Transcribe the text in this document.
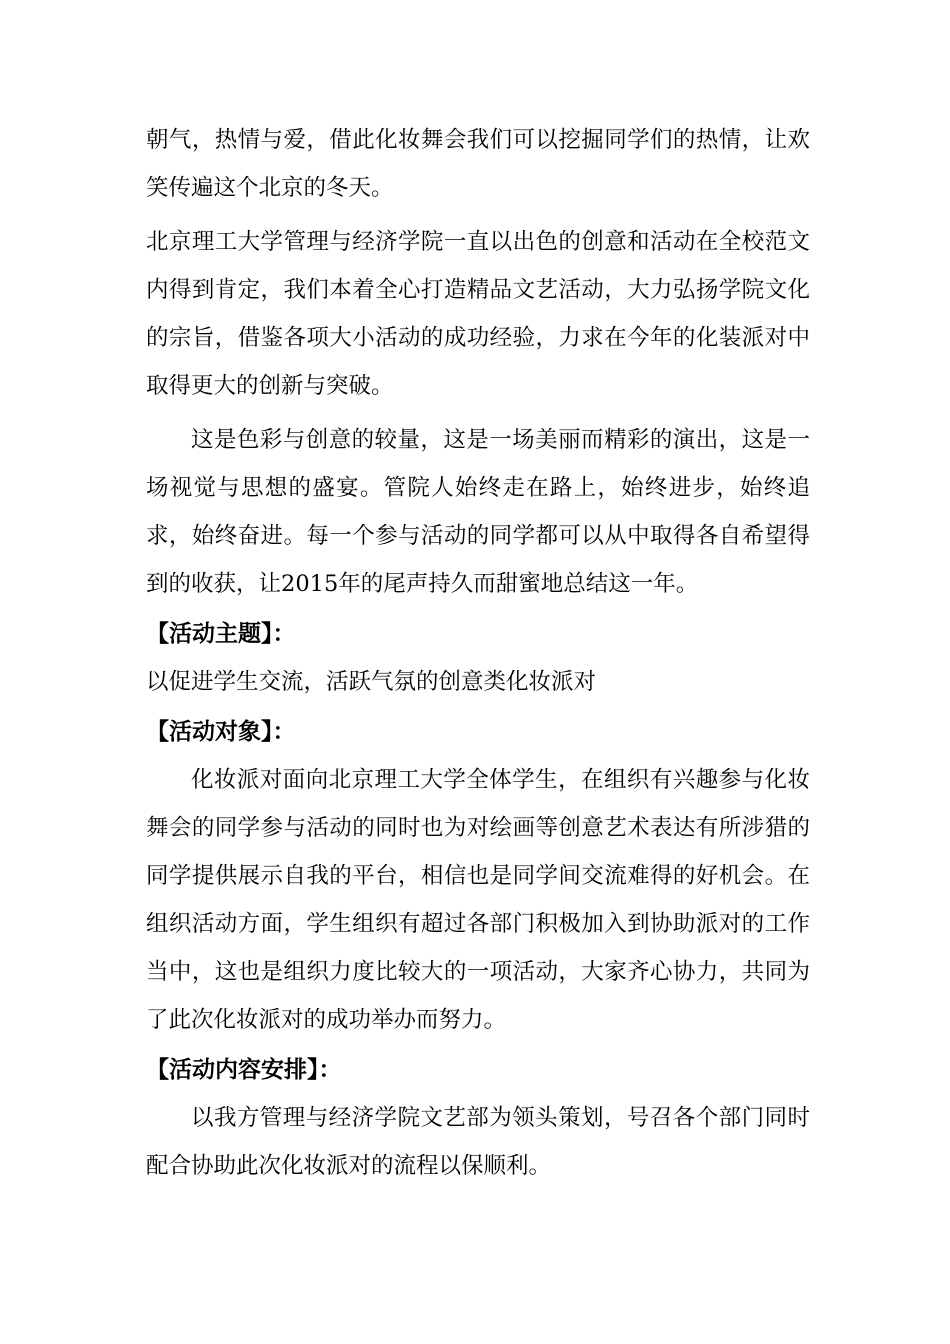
朝气，热情与爱，借此化妆舞会我们可以挖掘同学们的热情，让欢笑传遍这个北京的冬天。

北京理工大学管理与经济学院一直以出色的创意和活动在全校范文内得到肯定，我们本着全心打造精品文艺活动，大力弘扬学院文化的宗旨，借鉴各项大小活动的成功经验，力求在今年的化装派对中取得更大的创新与突破。

这是色彩与创意的较量，这是一场美丽而精彩的演出，这是一场视觉与思想的盛宴。管院人始终走在路上，始终进步，始终追求，始终奋进。每一个参与活动的同学都可以从中取得各自希望得到的收获，让2015年的尾声持久而甜蜜地总结这一年。

【活动主题】：

以促进学生交流，活跃气氛的创意类化妆派对

【活动对象】：

化妆派对面向北京理工大学全体学生，在组织有兴趣参与化妆舞会的同学参与活动的同时也为对绘画等创意艺术表达有所涉猎的同学提供展示自我的平台，相信也是同学间交流难得的好机会。在组织活动方面，学生组织有超过各部门积极加入到协助派对的工作当中，这也是组织力度比较大的一项活动，大家齐心协力，共同为了此次化妆派对的成功举办而努力。

【活动内容安排】：

以我方管理与经济学院文艺部为领头策划，号召各个部门同时配合协助此次化妆派对的流程以保顺利。
